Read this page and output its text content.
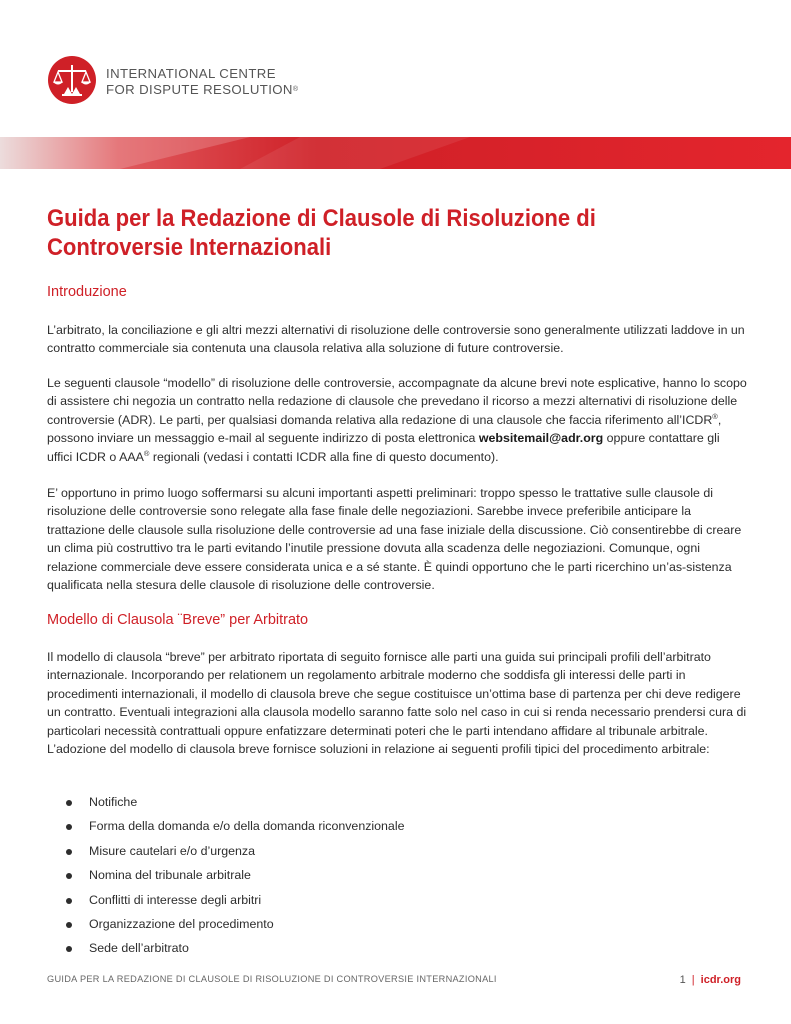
INTERNATIONAL CENTRE
FOR DISPUTE RESOLUTION®
Guida per la Redazione di Clausole di Risoluzione di Controversie Internazionali
Introduzione

L’arbitrato, la conciliazione e gli altri mezzi alternativi di risoluzione delle controversie sono generalmente utilizzati laddove in un contratto commerciale sia contenuta una clausola relativa alla soluzione di future controversie.

Le seguenti clausole “modello” di risoluzione delle controversie, accompagnate da alcune brevi note esplicative, hanno lo scopo di assistere chi negozia un contratto nella redazione di clausole che prevedano il ricorso a mezzi alternativi di risoluzione delle controversie (ADR). Le parti, per qualsiasi domanda relativa alla redazione di una clausole che faccia riferimento all’ICDR®, possono inviare un messaggio e-mail al seguente indirizzo di posta elettronica websitemail@adr.org oppure contattare gli uffici ICDR o AAA® regionali (vedasi i contatti ICDR alla fine di questo documento).

E’ opportuno in primo luogo soffermarsi su alcuni importanti aspetti preliminari: troppo spesso le trattative sulle clausole di risoluzione delle controversie sono relegate alla fase finale delle negoziazioni. Sarebbe invece preferibile anticipare la trattazione delle clausole sulla risoluzione delle controversie ad una fase iniziale della discussione. Ciò consentirebbe di creare un clima più costruttivo tra le parti evitando l’inutile pressione dovuta alla scadenza delle negoziazioni. Comunque, ogni relazione commerciale deve essere considerata unica e a sé stante. È quindi opportuno che le parti ricerchino un’as-sistenza qualificata nella stesura delle clausole di risoluzione delle controversie.

Modello di Clausola ¨Breve” per Arbitrato

Il modello di clausola “breve” per arbitrato riportata di seguito fornisce alle parti una guida sui principali profili dell’arbitrato internazionale. Incorporando per relationem un regolamento arbitrale moderno che soddisfa gli interessi delle parti in procedimenti internazionali, il modello di clausola breve che segue costituisce un’ottima base di partenza per chi deve redigere un contratto. Eventuali integrazioni alla clausola modello saranno fatte solo nel caso in cui si renda necessario prendersi cura di particolari necessità contrattuali oppure enfatizzare determinati poteri che le parti intendano affidare al tribunale arbitrale. L’adozione del modello di clausola breve fornisce soluzioni in relazione ai seguenti profili tipici del procedimento arbitrale:

Notifiche
Forma della domanda e/o della domanda riconvenzionale
Misure cautelari e/o d’urgenza
Nomina del tribunale arbitrale
Conflitti di interesse degli arbitri
Organizzazione del procedimento
Sede dell’arbitrato
GUIDA PER LA REDAZIONE DI CLAUSOLE DI RISOLUZIONE DI CONTROVERSIE INTERNAZIONALI	1 | icdr.org
